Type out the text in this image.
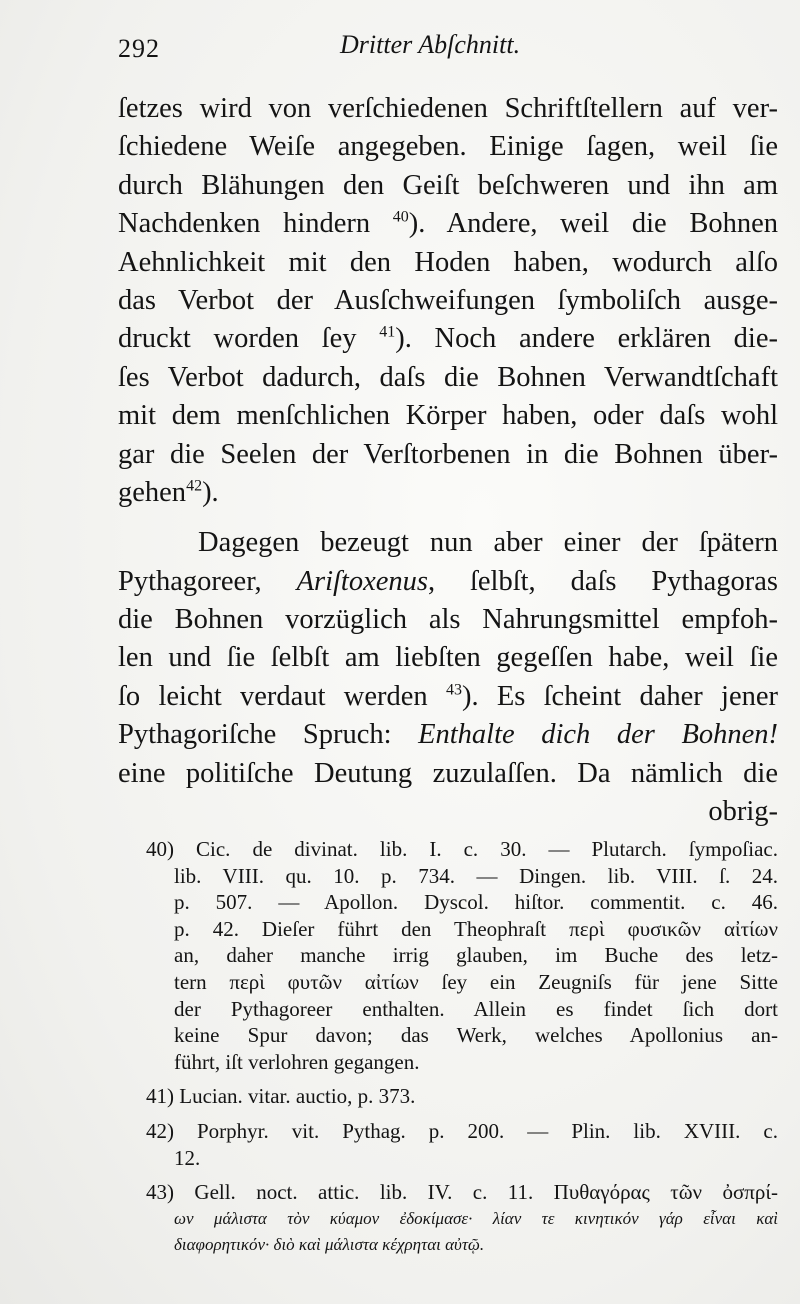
292	Dritter Abſchnitt.
ſetzes wird von verſchiedenen Schriftſtellern auf ver-
ſchiedene Weiſe angegeben. Einige ſagen, weil ſie
durch Blähungen den Geiſt beſchweren und ihn am
Nachdenken hindern $^{40}$). Andere, weil die Bohnen
Aehnlichkeit mit den Hoden haben, wodurch alſo
das Verbot der Ausſchweifungen ſymboliſch ausge-
druckt worden ſey $^{41}$). Noch andere erklären die-
ſes Verbot dadurch, daſs die Bohnen Verwandtſchaft
mit dem menſchlichen Körper haben, oder daſs wohl
gar die Seelen der Verſtorbenen in die Bohnen über-
gehen$^{42}$).
Dagegen bezeugt nun aber einer der ſpätern
Pythagoreer, Ariſtoxenus, ſelbſt, daſs Pythagoras
die Bohnen vorzüglich als Nahrungsmittel empfoh-
len und ſie ſelbſt am liebſten gegeſſen habe, weil ſie
ſo leicht verdaut werden $^{43}$). Es ſcheint daher jener
Pythagoriſche Spruch: Enthalte dich der Bohnen!
eine politiſche Deutung zuzulaſſen. Da nämlich die
obrig-
40) Cic. de divinat. lib. I. c. 30. — Plutarch. ſympoſiac.
lib. VIII. qu. 10. p. 734. — Dingen. lib. VIII. ſ. 24.
p. 507. — Apollon. Dyscol. hiſtor. commentit. c. 46.
p. 42. Dieſer führt den Theophraſt περὶ φυσικῶν αἰτίων
an, daher manche irrig glauben, im Buche des letz-
tern περὶ φυτῶν αἰτίων ſey ein Zeugniſs für jene Sitte
der Pythagoreer enthalten. Allein es findet ſich dort
keine Spur davon; das Werk, welches Apollonius an-
führt, iſt verlohren gegangen.
41) Lucian. vitar. auctio, p. 373.
42) Porphyr. vit. Pythag. p. 200. — Plin. lib. XVIII. c.
12.
43) Gell. noct. attic. lib. IV. c. 11. Πυθαγόρας τῶν ὀσπρί-
ων μάλιστα τὸν κύαμον ἐδοκίμασε· λίαν τε κινητικόν γάρ εἶναι καὶ
διαφορητικόν· διὸ καὶ μάλιστα κέχρηται αὐτῷ.
